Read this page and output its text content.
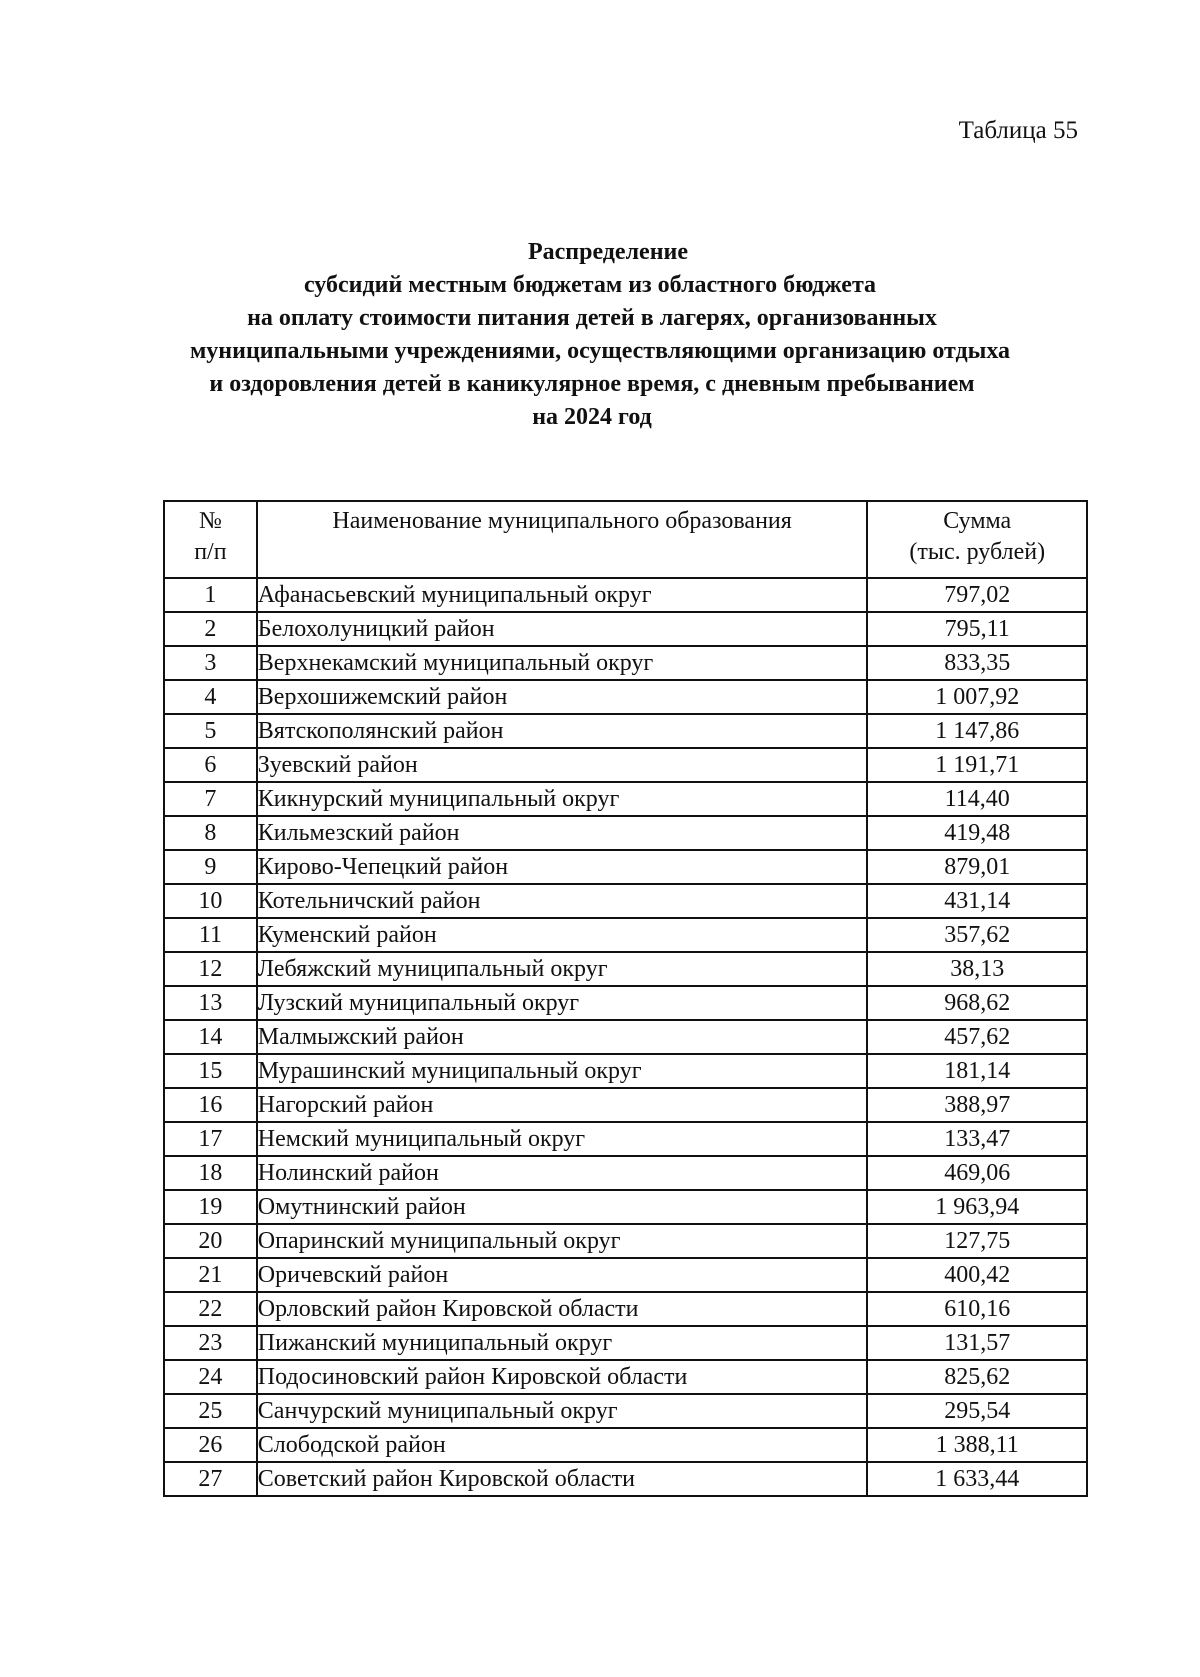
Таблица 55
Распределение
субсидий местным бюджетам из областного бюджета
на оплату стоимости питания детей в лагерях, организованных
муниципальными учреждениями, осуществляющими организацию отдыха
и оздоровления детей в каникулярное время, с дневным пребыванием
на 2024 год
№
п/п	Наименование муниципального образования	Сумма
(тыс. рублей)
1	Афанасьевский муниципальный округ	797,02
2	Белохолуницкий район	795,11
3	Верхнекамский муниципальный округ	833,35
4	Верхошижемский район	1 007,92
5	Вятскополянский район	1 147,86
6	Зуевский район	1 191,71
7	Кикнурский муниципальный округ	114,40
8	Кильмезский район	419,48
9	Кирово-Чепецкий район	879,01
10	Котельничский район	431,14
11	Куменский район	357,62
12	Лебяжский муниципальный округ	38,13
13	Лузский муниципальный округ	968,62
14	Малмыжский район	457,62
15	Мурашинский муниципальный округ	181,14
16	Нагорский район	388,97
17	Немский муниципальный округ	133,47
18	Нолинский район	469,06
19	Омутнинский район	1 963,94
20	Опаринский муниципальный округ	127,75
21	Оричевский район	400,42
22	Орловский район Кировской области	610,16
23	Пижанский муниципальный округ	131,57
24	Подосиновский район Кировской области	825,62
25	Санчурский муниципальный округ	295,54
26	Слободской район	1 388,11
27	Советский район Кировской области	1 633,44
